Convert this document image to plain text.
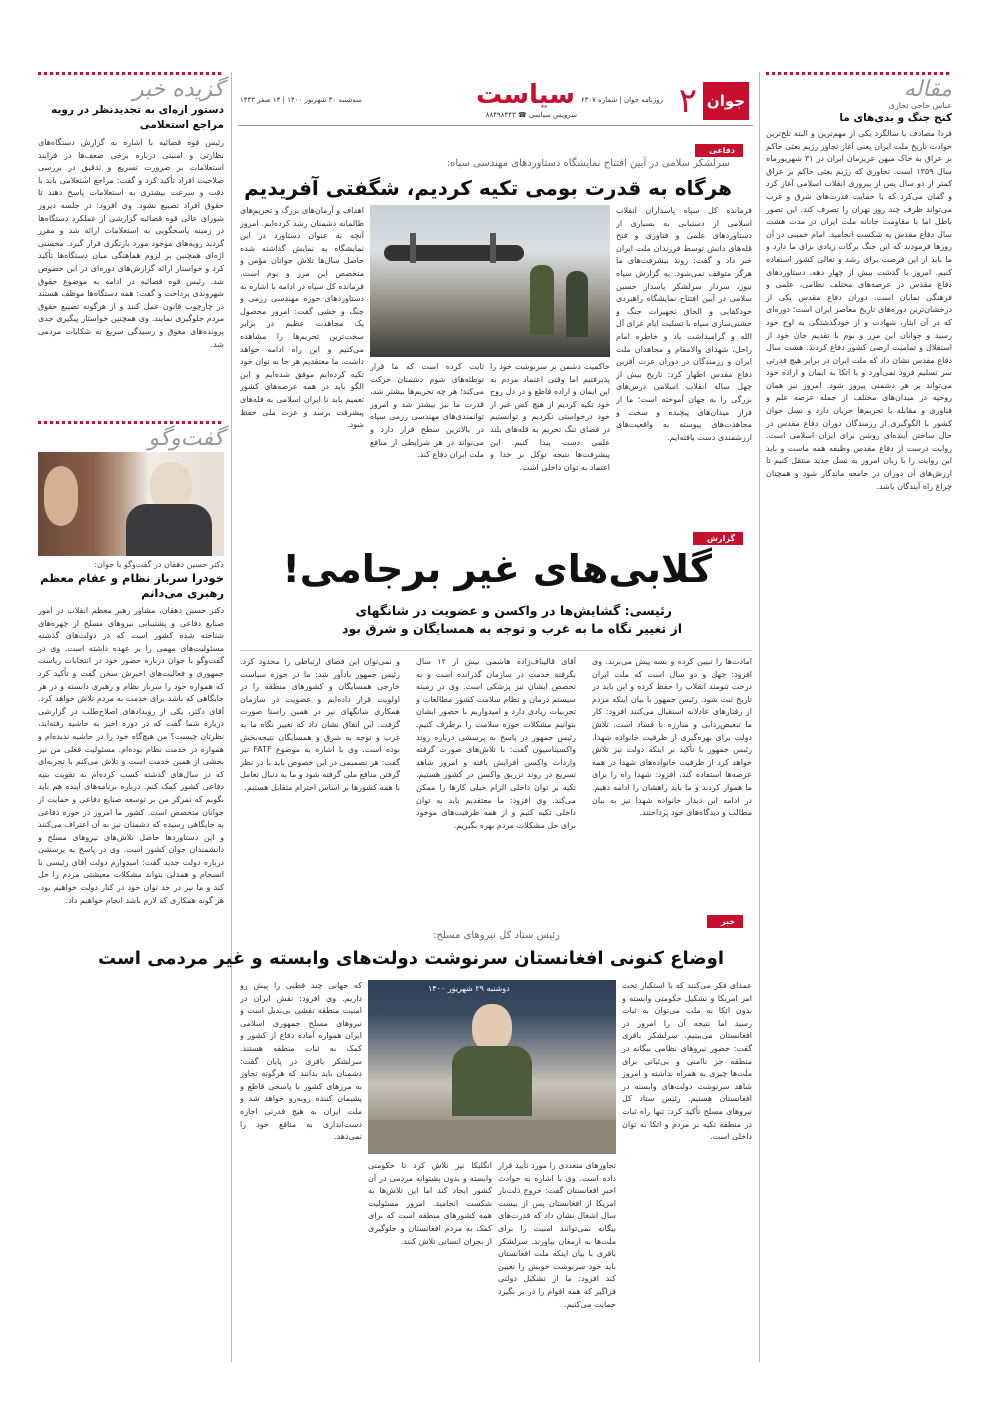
گزیده خبر
دستور ازه‌ای به تجدیدنظر در رویه مراجع استعلامی
رئیس قوه قضائیه با اشاره به گزارش دستگاه‌های نظارتی و امنیتی درباره برخی ضعف‌ها در فرایند استعلامات بر ضرورت تسریع و تدقیق در بررسی صلاحیت افراد تأکید کرد و گفت: مراجع استعلامی باید با دقت و سرعت بیشتری به استعلامات پاسخ دهند تا حقوق افراد تضییع نشود. وی افزود: در جلسه دیروز شورای عالی قوه قضائیه گزارشی از عملکرد دستگاه‌ها در زمینه پاسخگویی به استعلامات ارائه شد و مقرر گردید رویه‌های موجود مورد بازنگری قرار گیرد. محسنی اژه‌ای همچنین بر لزوم هماهنگی میان دستگاه‌ها تأکید کرد و خواستار ارائه گزارش‌های دوره‌ای در این خصوص شد. رئیس قوه قضائیه در ادامه به موضوع حقوق شهروندی پرداخت و گفت: همه دستگاه‌ها موظف هستند در چارچوب قانون عمل کنند و از هرگونه تضییع حقوق مردم جلوگیری نمایند. وی همچنین خواستار پیگیری جدی پرونده‌های معوق و رسیدگی سریع به شکایات مردمی شد.
گفت‌وگو
دکتر حسین دهقان در گفت‌وگو با جوان:
خودرا سرباز نظام و عقام معظم رهبری می‌دانم
دکتر حسین دهقان، مشاور رهبر معظم انقلاب در امور صنایع دفاعی و پشتیبانی نیروهای مسلح از چهره‌های شناخته شده کشور است که در دولت‌های گذشته مسئولیت‌های مهمی را بر عهده داشته است. وی در گفت‌وگو با جوان درباره حضور خود در انتخابات ریاست جمهوری و فعالیت‌های اخیرش سخن گفت و تأکید کرد که همواره خود را سرباز نظام و رهبری دانسته و در هر جایگاهی که باشد برای خدمت به مردم تلاش خواهد کرد. آقای دکتر، یکی از رویدادهای اصلاح‌طلب در گزارشی درباره شما گفت که در دوره اخیر به حاشیه رفته‌اید، نظرتان چیست؟ من هیچ‌گاه خود را در حاشیه ندیده‌ام و همواره در خدمت نظام بوده‌ام. مسئولیت فعلی من نیز بخشی از همین خدمت است و تلاش می‌کنم با تجربه‌ای که در سال‌های گذشته کسب کرده‌ام به تقویت بنیه دفاعی کشور کمک کنم. درباره برنامه‌های آینده هم باید بگویم که تمرکز من بر توسعه صنایع دفاعی و حمایت از جوانان متخصص است. کشور ما امروز در حوزه دفاعی به جایگاهی رسیده که دشمنان نیز به آن اعتراف می‌کنند و این دستاوردها حاصل تلاش‌های نیروهای مسلح و دانشمندان جوان کشور است. وی در پاسخ به پرسشی درباره دولت جدید گفت: امیدوارم دولت آقای رئیسی با انسجام و همدلی بتواند مشکلات معیشتی مردم را حل کند و ما نیز در حد توان خود در کنار دولت خواهیم بود. هر گونه همکاری که لازم باشد انجام خواهیم داد.
مقاله
عباس حاجی نجاری
کنج جنگ و بدی‌های ما
فردا مصادف با سالگرد یکی از مهم‌ترین و البته تلخ‌ترین حوادث تاریخ ملت ایران یعنی آغاز تجاوز رژیم بعثی حاکم بر عراق به خاک میهن عزیزمان ایران در ۳۱ شهریورماه سال ۱۳۵۹ است. تجاوزی که رژیم بعثی حاکم بر عراق کمتر از دو سال پس از پیروزی انقلاب اسلامی آغاز کرد و گمان می‌کرد که با حمایت قدرت‌های شرق و غرب می‌تواند ظرف چند روز تهران را تصرف کند. این تصور باطل اما با مقاومت جانانه ملت ایران در مدت هشت سال دفاع مقدس به شکست انجامید. امام خمینی در آن روزها فرمودند که این جنگ برکات زیادی برای ما دارد و ما باید از این فرصت برای رشد و تعالی کشور استفاده کنیم. امروز با گذشت بیش از چهار دهه، دستاوردهای دفاع مقدس در عرصه‌های مختلف نظامی، علمی و فرهنگی نمایان است. دوران دفاع مقدس یکی از درخشان‌ترین دوره‌های تاریخ معاصر ایران است؛ دوره‌ای که در آن ایثار، شهادت و از خودگذشتگی به اوج خود رسید و جوانان این مرز و بوم با تقدیم جان خود از استقلال و تمامیت ارضی کشور دفاع کردند. هشت سال دفاع مقدس نشان داد که ملت ایران در برابر هیچ قدرتی سر تسلیم فرود نمی‌آورد و با اتکا به ایمان و اراده خود می‌تواند بر هر دشمنی پیروز شود. امروز نیز همان روحیه در میدان‌های مختلف از جمله عرصه علم و فناوری و مقابله با تحریم‌ها جریان دارد و نسل جوان کشور با الگوگیری از رزمندگان دوران دفاع مقدس در حال ساختن آینده‌ای روشن برای ایران اسلامی است. روایت درست از دفاع مقدس وظیفه همه ماست و باید این روایت را با زبان امروز به نسل جدید منتقل کنیم تا ارزش‌های آن دوران در جامعه ماندگار شود و همچنان چراغ راه آیندگان باشد.
جوان
۲
روزنامه جوان | شماره ۶۳۰۷
سیاست
سرویس سیاسی ☎ ۸۸۴۹۸۴۴۳
سه‌شنبه ۳۰ شهریور ۱۴۰۰ | ۱۴ صفر ۱۴۴۳
دفاعی
سرلشکر سلامی در آیین افتتاح نمایشگاه دستاوردهای مهندسی سپاه:
هرگاه به قدرت بومی تکیه کردیم، شگفتی آفریدیم
فرمانده کل سپاه پاسداران انقلاب اسلامی از دستیابی به بسیاری از دستاوردهای علمی و فناوری و فتح قله‌های دانش توسط فرزندان ملت ایران خبر داد و گفت: روند بیشرفت‌های ما هرگز متوقف نمی‌شود. به گزارش سپاه نیوز، سردار سرلشکر پاسدار حسین سلامی در آیین افتتاح نمایشگاه راهبردی خودکفایی و الحاق تجهیزات جنگ و خشنی‌سازی سپاه با تسلیت ایام عزای آل الله و گرامیداشت یاد و خاطره امام راحل، شهدای والامقام و مجاهدان ملت ایران و رزمندگان در دوران عزت آفرین دفاع مقدس اظهار کرد: تاریخ بیش از چهل ساله انقلاب اسلامی درس‌های بزرگی را به جهان آموخته است؛ ما از فراز میدان‌های پیچیده و سخت و مجاهدت‌های پیوسته به واقعیت‌های ارزشمندی دست یافته‌ایم.
حاکمیت دشمن بر سرنوشت خود را پذیرفتیم اما وقتی اعتماد مردم به این ایمان و اراده قاطع و در دل روح خود تکیه کردیم از هیچ‌ کس غیر از خود درخواستی نکردیم و توانستیم در فضای تنگ تحریم به قله‌های بلند علمی دست پیدا کنیم. این پیشرفت‌ها نتیجه توکل بر خدا و اعتماد به توان داخلی است.
ثابت کرده است که ما قرار توطئه‌های شوم دشمنان حرکت می‌کند؛ هر چه تحریم‌ها بیشتر شد، قدرت ما نیز بیشتر شد و امروز توانمندی‌های مهندسی رزمی سپاه در بالاترین سطح قرار دارد و می‌تواند در هر شرایطی از منافع ملت ایران دفاع کند.
اهداف و آرمان‌های بزرگ و تحریم‌های ظالمانه دشمنان رشد کرده‌ایم. امروز آنچه به عنوان دستاورد در این نمایشگاه به نمایش گذاشته شده حاصل سال‌ها تلاش جوانان مؤمن و متخصص این مرز و بوم است. فرمانده کل سپاه در ادامه با اشاره به دستاوردهای حوزه مهندسی رزمی و جنگ و خشی گفت: امروز محصول یک مجاهدت عظیم در برابر سخت‌ترین تحریم‌ها را مشاهده می‌کنیم و این راه ادامه خواهد داشت. ما معتقدیم هر جا به توان خود تکیه کرده‌ایم موفق شده‌ایم و این الگو باید در همه عرصه‌های کشور تعمیم یابد تا ایران اسلامی به قله‌های پیشرفت برسد و عزت ملی حفظ شود.
گزارش
گلابی‌های غیر برجامی!
رئیسی: گشایش‌ها در واکسن و عضویت در شانگهای
از تغییر نگاه ما به غرب و توجه به همسایگان و شرق بود
امادت‌ها را تبیین کرده و بسه پیش می‌برند. وی افزود: چهل و دو سال است که ملت ایران درخت تنومند انقلاب را حفظ کرده و این باید در تاریخ ثبت شود. رئیس جمهور با بیان اینکه مردم از رفتارهای عادلانه استقبال می‌کنند افزود: کار ما تبعیض‌زدایی و مبارزه با فساد است. تلاش دولت برای بهره‌گیری از ظرفیت خانواده شهدا. رئیس جمهور با تأکید بر اینکه دولت نیز تلاش خواهد کرد از ظرفیت خانواده‌های شهدا در همه عرصه‌ها استفاده کند، افزود: شهدا راه را برای ما هموار کردند و ما باید راهشان را ادامه دهیم. در ادامه این دیدار خانواده شهدا نیز به بیان مطالب و دیدگاه‌های خود پرداختند.
آقای قالیباف‌زاده هاشمی بیش از ۱۲ سال بگرفته خدمت در سازمان گذرانده است و به تخصص ایشان نیز پزشکی است. وی در زمینه سیستم درمان و نظام سلامت کشور مطالعات و تجربیات زیادی دارد و امیدواریم با حضور ایشان بتوانیم مشکلات حوزه سلامت را برطرف کنیم. رئیس جمهور در پاسخ به پرسشی درباره روند واکسیناسیون گفت: با تلاش‌های صورت گرفته واردات واکسن افزایش یافته و امروز شاهد تسریع در روند تزریق واکسن در کشور هستیم. تکیه بر توان داخلی الزام خیلی کارها را ممکن می‌کند. وی افزود: ما معتقدیم باید به توان داخلی تکیه کنیم و از همه ظرفیت‌های موجود برای حل مشکلات مردم بهره بگیریم.
و نمی‌توان این فضای ارتباطی را محدود کرد. رئیس جمهور یادآور شد: ما در حوزه سیاست خارجی همسایگان و کشورهای منطقه را در اولویت قرار داده‌ایم و عضویت در سازمان همکاری شانگهای نیز در همین راستا صورت گرفت. این اتفاق نشان داد که تغییر نگاه ما به غرب و توجه به شرق و همسایگان نتیجه‌بخش بوده است. وی با اشاره به موضوع FATF نیز گفت: هر تصمیمی در این خصوص باید با در نظر گرفتن منافع ملی گرفته شود و ما به دنبال تعامل با همه کشورها بر اساس احترام متقابل هستیم.
خبر
رئیس ستاد کل نیروهای مسلح:
اوضاع کنونی افغانستان سرنوشت دولت‌های وابسته و غیر مردمی است
عمدای فکر می‌کنند که با استکبار تحت امر امریکا و تشکیل حکومتی وابسته و بدون اتکا به ملت می‌توان به ثبات رسید اما نتیجه آن را امروز در افغانستان می‌بینیم. سرلشکر باقری گفت: حضور نیروهای نظامی بیگانه در منطقه جز ناامنی و بی‌ثباتی برای ملت‌ها چیزی به همراه نداشته و امروز شاهد سرنوشت دولت‌های وابسته در افغانستان هستیم. رئیس ستاد کل نیروهای مسلح تأکید کرد: تنها راه ثبات در منطقه تکیه بر مردم و اتکا به توان داخلی است.
دوشنبه ۲۹ شهریور ۱۴۰۰
تجاوزهای متعددی را مورد تأیید قرار داده است. وی با اشاره به حوادث اخیر افغانستان گفت: خروج ذلت‌بار امریکا از افغانستان پس از بیست سال اشغال نشان داد که قدرت‌های بیگانه نمی‌توانند امنیت را برای ملت‌ها به ارمغان بیاورند. سرلشکر باقری با بیان اینکه ملت افغانستان باید خود سرنوشت خویش را تعیین کند افزود: ما از تشکیل دولتی فراگیر که همه اقوام را در بر بگیرد حمایت می‌کنیم.
انگلیکا نیز تلاش کرد تا حکومتی وابسته و بدون پشتوانه مردمی در آن کشور ایجاد کند اما این تلاش‌ها به شکست انجامید. امروز مسئولیت همه کشورهای منطقه است که برای کمک به مردم افغانستان و جلوگیری از بحران انسانی تلاش کنند.
که جهانی چند قطبی را پیش رو داریم. وی افزود: نقش ایران در امنیت منطقه نقشی بی‌بدیل است و نیروهای مسلح جمهوری اسلامی ایران همواره آماده دفاع از کشور و کمک به ثبات منطقه هستند. سرلشکر باقری در پایان گفت: دشمنان باید بدانند که هرگونه تجاوز به مرزهای کشور با پاسخی قاطع و پشیمان کننده روبه‌رو خواهد شد و ملت ایران به هیچ قدرتی اجازه دست‌اندازی به منافع خود را نمی‌دهد.
